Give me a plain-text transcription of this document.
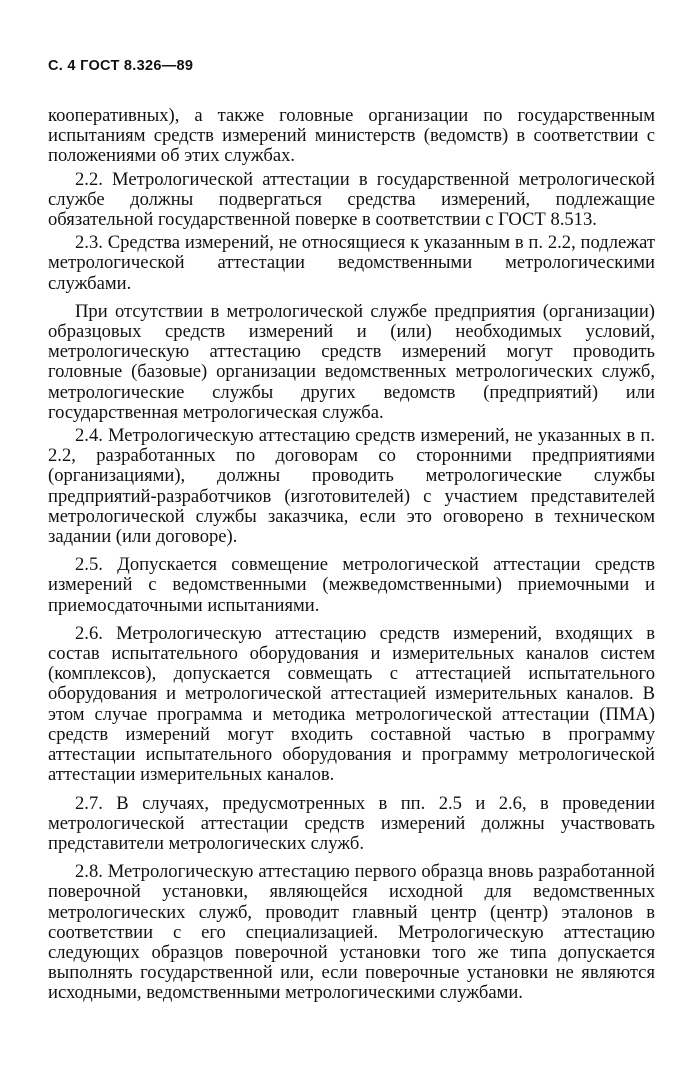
С. 4 ГОСТ 8.326—89

кооперативных), а также головные организации по государственным испытаниям средств измерений министерств (ведомств) в соответствии с положениями об этих службах.

2.2. Метрологической аттестации в государственной метрологической службе должны подвергаться средства измерений, подлежащие обязательной государственной поверке в соответствии с ГОСТ 8.513.

2.3. Средства измерений, не относящиеся к указанным в п. 2.2, подлежат метрологической аттестации ведомственными метрологическими службами.

При отсутствии в метрологической службе предприятия (организации) образцовых средств измерений и (или) необходимых условий, метрологическую аттестацию средств измерений могут проводить головные (базовые) организации ведомственных метрологических служб, метрологические службы других ведомств (предприятий) или государственная метрологическая служба.

2.4. Метрологическую аттестацию средств измерений, не указанных в п. 2.2, разработанных по договорам со сторонними предприятиями (организациями), должны проводить метрологические службы предприятий-разработчиков (изготовителей) с участием представителей метрологической службы заказчика, если это оговорено в техническом задании (или договоре).

2.5. Допускается совмещение метрологической аттестации средств измерений с ведомственными (межведомственными) приемочными и приемосдаточными испытаниями.

2.6. Метрологическую аттестацию средств измерений, входящих в состав испытательного оборудования и измерительных каналов систем (комплексов), допускается совмещать с аттестацией испытательного оборудования и метрологической аттестацией измерительных каналов. В этом случае программа и методика метрологической аттестации (ПМА) средств измерений могут входить составной частью в программу аттестации испытательного оборудования и программу метрологической аттестации измерительных каналов.

2.7. В случаях, предусмотренных в пп. 2.5 и 2.6, в проведении метрологической аттестации средств измерений должны участвовать представители метрологических служб.

2.8. Метрологическую аттестацию первого образца вновь разработанной поверочной установки, являющейся исходной для ведомственных метрологических служб, проводит главный центр (центр) эталонов в соответствии с его специализацией. Метрологическую аттестацию следующих образцов поверочной установки того же типа допускается выполнять государственной или, если поверочные установки не являются исходными, ведомственными метрологическими службами.
